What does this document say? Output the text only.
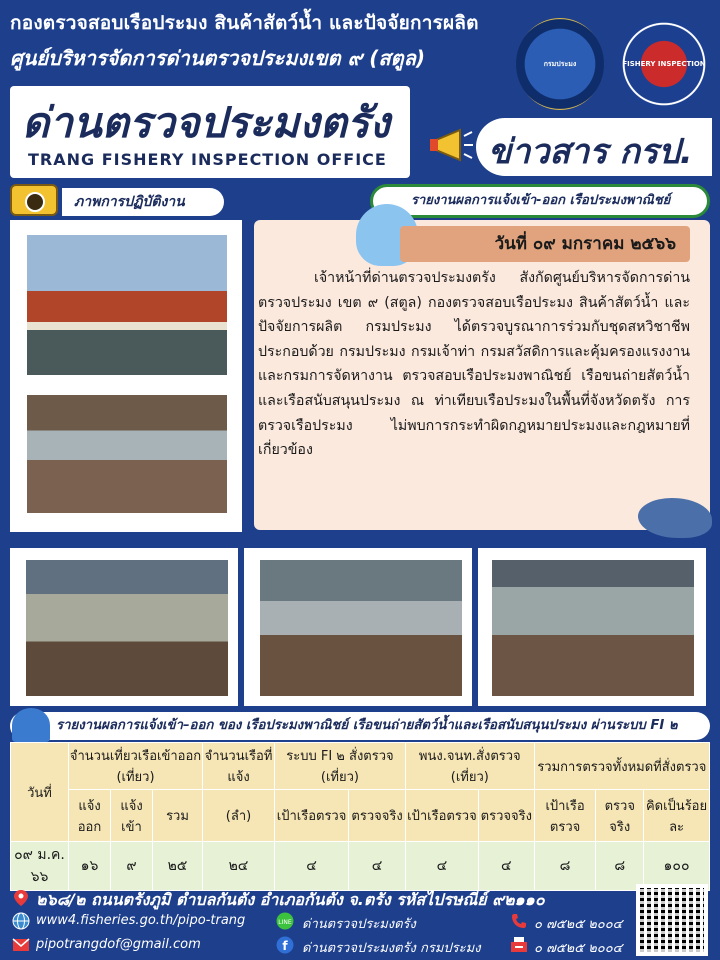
กองตรวจสอบเรือประมง สินค้าสัตว์น้ำ และปัจจัยการผลิต
ศูนย์บริหารจัดการด่านตรวจประมงเขต ๙ (สตูล)	กรมประมง	FISHERY INSPECTION
ด่านตรวจประมงตรัง
TRANG FISHERY INSPECTION OFFICE	ข่าวสาร กรป.
ภาพการปฏิบัติงาน	รายงานผลการแจ้งเข้า-ออก เรือประมงพาณิชย์
วันที่ ๐๙ มกราคม ๒๕๖๖
เจ้าหน้าที่ด่านตรวจประมงตรัง สังกัดศูนย์บริหารจัดการด่านตรวจประมง เขต ๙ (สตูล) กองตรวจสอบเรือประมง สินค้าสัตว์น้ำ และปัจจัยการผลิต กรมประมง ได้ตรวจบูรณาการร่วมกับชุดสหวิชาชีพ ประกอบด้วย กรมประมง กรมเจ้าท่า กรมสวัสดิการและคุ้มครองแรงงาน และกรมการจัดหางาน ตรวจสอบเรือประมงพาณิชย์ เรือขนถ่ายสัตว์น้ำและเรือสนับสนุนประมง ณ ท่าเทียบเรือประมงในพื้นที่จังหวัดตรัง การตรวจเรือประมง ไม่พบการกระทำผิดกฎหมายประมงและกฎหมายที่เกี่ยวข้อง
รายงานผลการแจ้งเข้า–ออก ของ เรือประมงพาณิชย์ เรือขนถ่ายสัตว์น้ำและเรือสนับสนุนประมง ผ่านระบบ FI ๒
วันที่	จำนวนเที่ยวเรือเข้าออก (เที่ยว)			จำนวนเรือที่แจ้ง	ระบบ FI ๒ สั่งตรวจ (เที่ยว)		พนง.จนท.สั่งตรวจ (เที่ยว)		รวมการตรวจทั้งหมดที่สั่งตรวจ		
	แจ้งออก	แจ้งเข้า	รวม	(ลำ)	เป้าเรือตรวจ	ตรวจจริง	เป้าเรือตรวจ	ตรวจจริง	เป้าเรือตรวจ	ตรวจจริง	คิดเป็นร้อยละ
๐๙ ม.ค. ๖๖	๑๖	๙	๒๕	๒๔	๔	๔	๔	๔	๘	๘	๑๐๐
๒๖๘/๒ ถนนตรังภูมิ ตำบลกันตัง อำเภอกันตัง จ.ตรัง รหัสไปรษณีย์ ๙๒๑๑๐
www4.fisheries.go.th/pipo-trang
pipotrangdof@gmail.com
LINE ด่านตรวจประมงตรัง
f ด่านตรวจประมงตรัง กรมประมง
๐ ๗๕๒๕ ๒๐๐๔
๐ ๗๕๒๕ ๒๐๐๔
